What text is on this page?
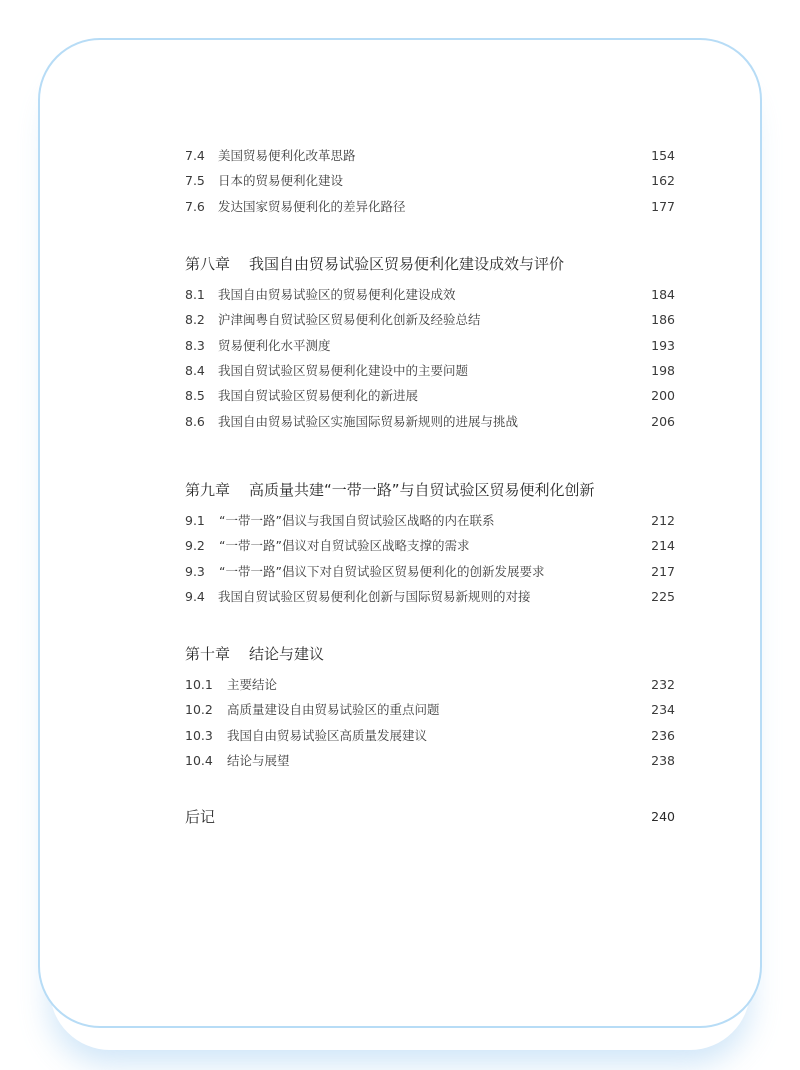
7.4 美国贸易便利化改革思路	154
7.5 日本的贸易便利化建设	162
7.6 发达国家贸易便利化的差异化路径	177
第八章 我国自由贸易试验区贸易便利化建设成效与评价
8.1 我国自由贸易试验区的贸易便利化建设成效	184
8.2 沪津闽粤自贸试验区贸易便利化创新及经验总结	186
8.3 贸易便利化水平测度	193
8.4 我国自贸试验区贸易便利化建设中的主要问题	198
8.5 我国自贸试验区贸易便利化的新进展	200
8.6 我国自由贸易试验区实施国际贸易新规则的进展与挑战	206
第九章 高质量共建“一带一路”与自贸试验区贸易便利化创新
9.1 “一带一路”倡议与我国自贸试验区战略的内在联系	212
9.2 “一带一路”倡议对自贸试验区战略支撑的需求	214
9.3 “一带一路”倡议下对自贸试验区贸易便利化的创新发展要求	217
9.4 我国自贸试验区贸易便利化创新与国际贸易新规则的对接	225
第十章 结论与建议
10.1 主要结论	232
10.2 高质量建设自由贸易试验区的重点问题	234
10.3 我国自由贸易试验区高质量发展建议	236
10.4 结论与展望	238
后记	240
